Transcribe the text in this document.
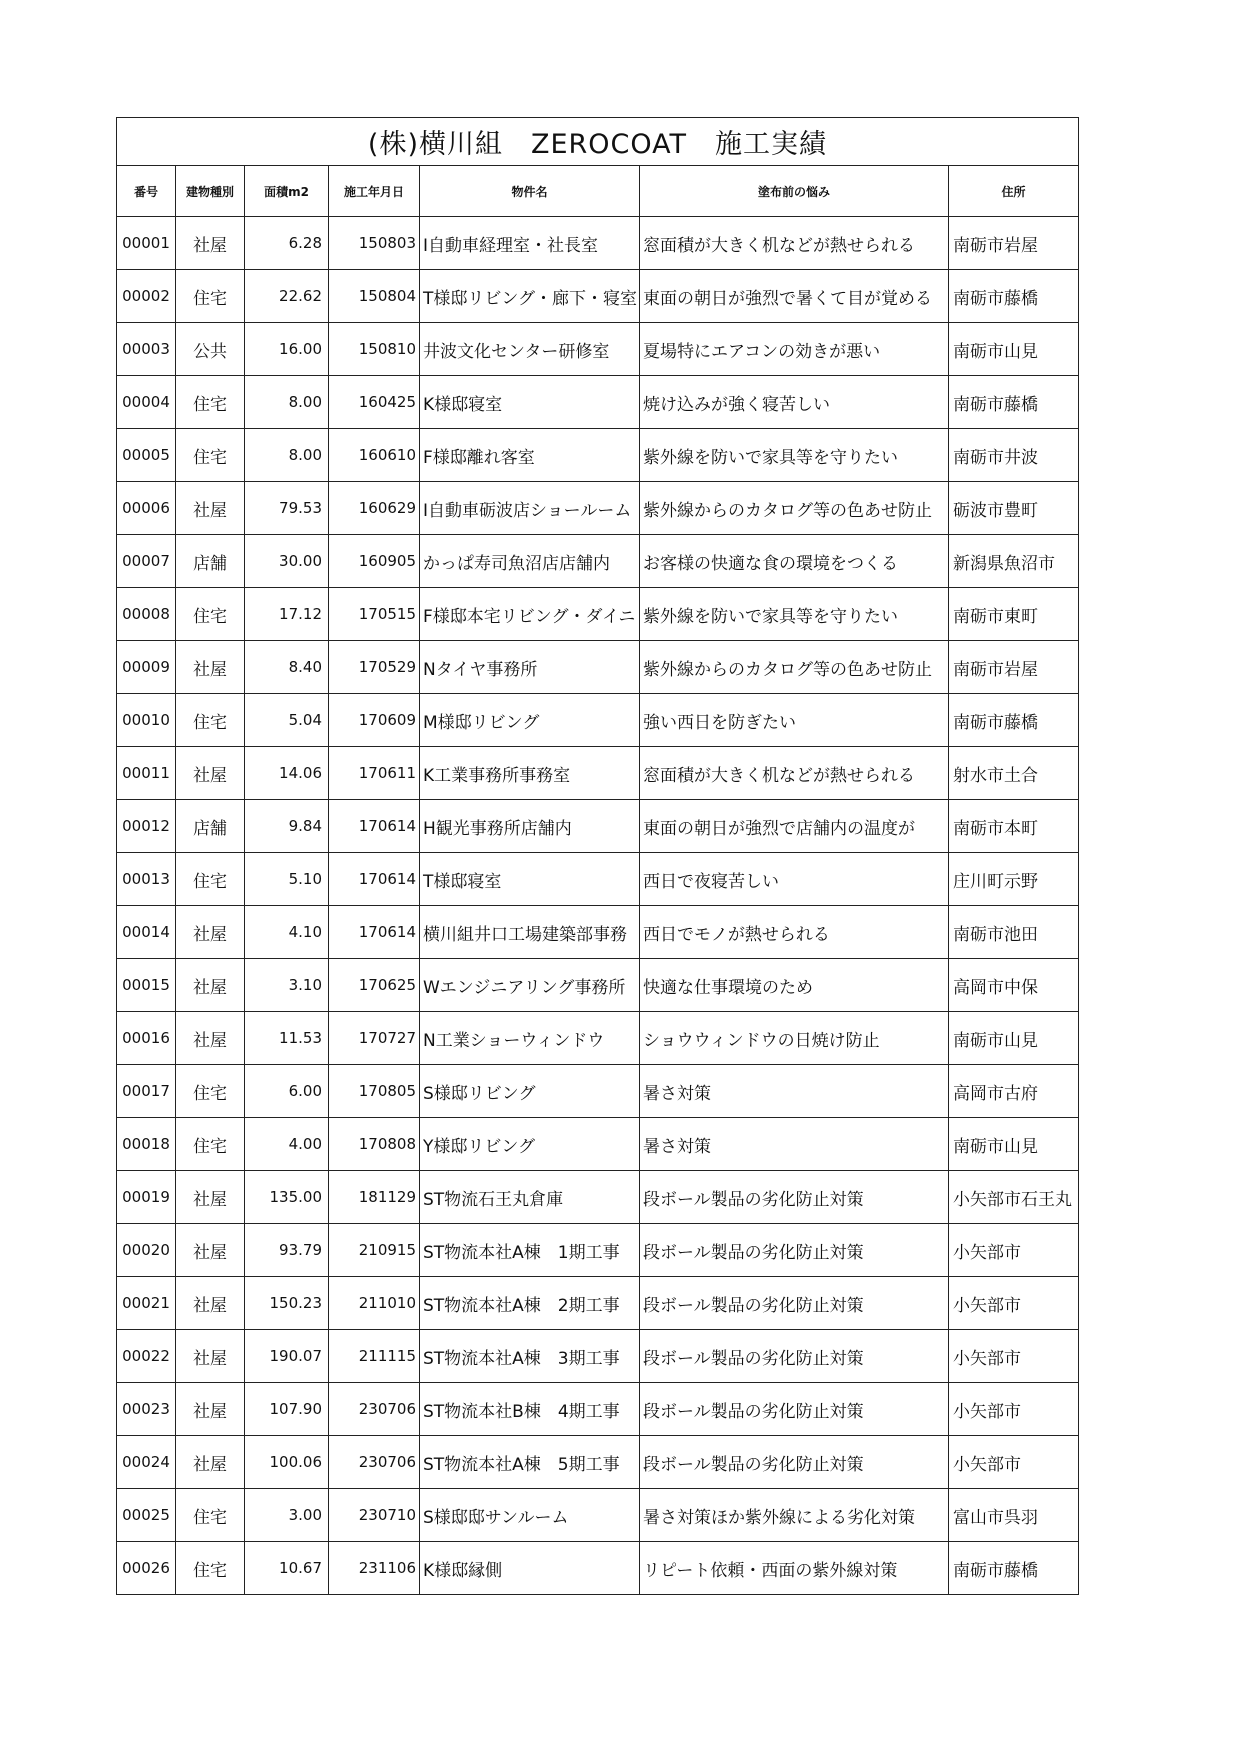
(株)横川組　ZEROCOAT　施工実績						
番号	建物種別	面積m2	施工年月日	物件名	塗布前の悩み	住所
00001	社屋	6.28	150803	I自動車経理室・社長室	窓面積が大きく机などが熱せられる	南砺市岩屋
00002	住宅	22.62	150804	T様邸リビング・廊下・寝室	東面の朝日が強烈で暑くて目が覚める	南砺市藤橋
00003	公共	16.00	150810	井波文化センター研修室	夏場特にエアコンの効きが悪い	南砺市山見
00004	住宅	8.00	160425	K様邸寝室	焼け込みが強く寝苦しい	南砺市藤橋
00005	住宅	8.00	160610	F様邸離れ客室	紫外線を防いで家具等を守りたい	南砺市井波
00006	社屋	79.53	160629	I自動車砺波店ショールーム	紫外線からのカタログ等の色あせ防止	砺波市豊町
00007	店舗	30.00	160905	かっぱ寿司魚沼店店舗内	お客様の快適な食の環境をつくる	新潟県魚沼市
00008	住宅	17.12	170515	F様邸本宅リビング・ダイニ	紫外線を防いで家具等を守りたい	南砺市東町
00009	社屋	8.40	170529	Nタイヤ事務所	紫外線からのカタログ等の色あせ防止	南砺市岩屋
00010	住宅	5.04	170609	M様邸リビング	強い西日を防ぎたい	南砺市藤橋
00011	社屋	14.06	170611	K工業事務所事務室	窓面積が大きく机などが熱せられる	射水市土合
00012	店舗	9.84	170614	H観光事務所店舗内	東面の朝日が強烈で店舗内の温度が	南砺市本町
00013	住宅	5.10	170614	T様邸寝室	西日で夜寝苦しい	庄川町示野
00014	社屋	4.10	170614	横川組井口工場建築部事務	西日でモノが熱せられる	南砺市池田
00015	社屋	3.10	170625	Wエンジニアリング事務所	快適な仕事環境のため	高岡市中保
00016	社屋	11.53	170727	N工業ショーウィンドウ	ショウウィンドウの日焼け防止	南砺市山見
00017	住宅	6.00	170805	S様邸リビング	暑さ対策	高岡市古府
00018	住宅	4.00	170808	Y様邸リビング	暑さ対策	南砺市山見
00019	社屋	135.00	181129	ST物流石王丸倉庫	段ボール製品の劣化防止対策	小矢部市石王丸
00020	社屋	93.79	210915	ST物流本社A棟　1期工事	段ボール製品の劣化防止対策	小矢部市
00021	社屋	150.23	211010	ST物流本社A棟　2期工事	段ボール製品の劣化防止対策	小矢部市
00022	社屋	190.07	211115	ST物流本社A棟　3期工事	段ボール製品の劣化防止対策	小矢部市
00023	社屋	107.90	230706	ST物流本社B棟　4期工事	段ボール製品の劣化防止対策	小矢部市
00024	社屋	100.06	230706	ST物流本社A棟　5期工事	段ボール製品の劣化防止対策	小矢部市
00025	住宅	3.00	230710	S様邸邸サンルーム	暑さ対策ほか紫外線による劣化対策	富山市呉羽
00026	住宅	10.67	231106	K様邸縁側	リピート依頼・西面の紫外線対策	南砺市藤橋
